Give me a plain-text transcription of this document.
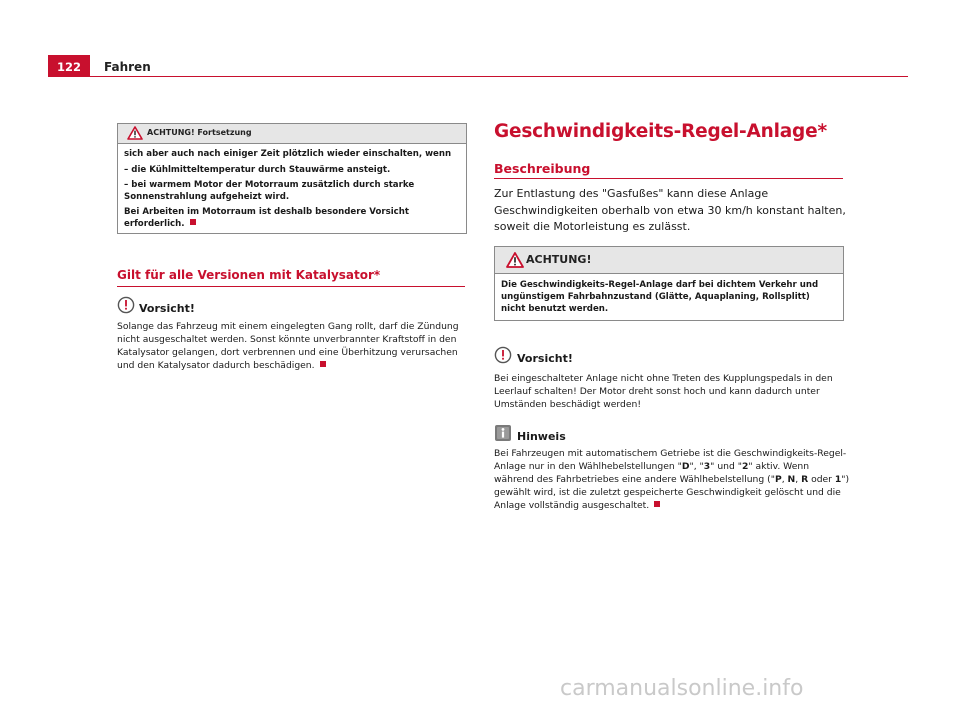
122	Fahren
ACHTUNG! Fortsetzung

sich aber auch nach einiger Zeit plötzlich wieder einschalten, wenn

– die Kühlmitteltemperatur durch Stauwärme ansteigt.

– bei warmem Motor der Motorraum zusätzlich durch starke Sonnenstrahlung aufgeheizt wird.

Bei Arbeiten im Motorraum ist deshalb besondere Vorsicht erforderlich.

Gilt für alle Versionen mit Katalysator*
Vorsicht!

Solange das Fahrzeug mit einem eingelegten Gang rollt, darf die Zündung nicht ausgeschaltet werden. Sonst könnte unverbrannter Kraftstoff in den Katalysator gelangen, dort verbrennen und eine Überhitzung verursachen und den Katalysator dadurch beschädigen.

Geschwindigkeits-Regel-Anlage*
Beschreibung

Zur Entlastung des "Gasfußes" kann diese Anlage Geschwindigkeiten oberhalb von etwa 30 km/h konstant halten, soweit die Motorleistung es zulässt.

ACHTUNG!

Die Geschwindigkeits-Regel-Anlage darf bei dichtem Verkehr und ungünstigem Fahrbahnzustand (Glätte, Aquaplaning, Rollsplitt) nicht benutzt werden.

Vorsicht!

Bei eingeschalteter Anlage nicht ohne Treten des Kupplungspedals in den Leerlauf schalten! Der Motor dreht sonst hoch und kann dadurch unter Umständen beschädigt werden!

Hinweis

Bei Fahrzeugen mit automatischem Getriebe ist die Geschwindigkeits-Regel-Anlage nur in den Wählhebelstellungen "D", "3" und "2" aktiv. Wenn während des Fahrbetriebes eine andere Wählhebelstellung ("P, N, R oder 1") gewählt wird, ist die zuletzt gespeicherte Geschwindigkeit gelöscht und die Anlage vollständig ausgeschaltet.

carmanualsonline.info
